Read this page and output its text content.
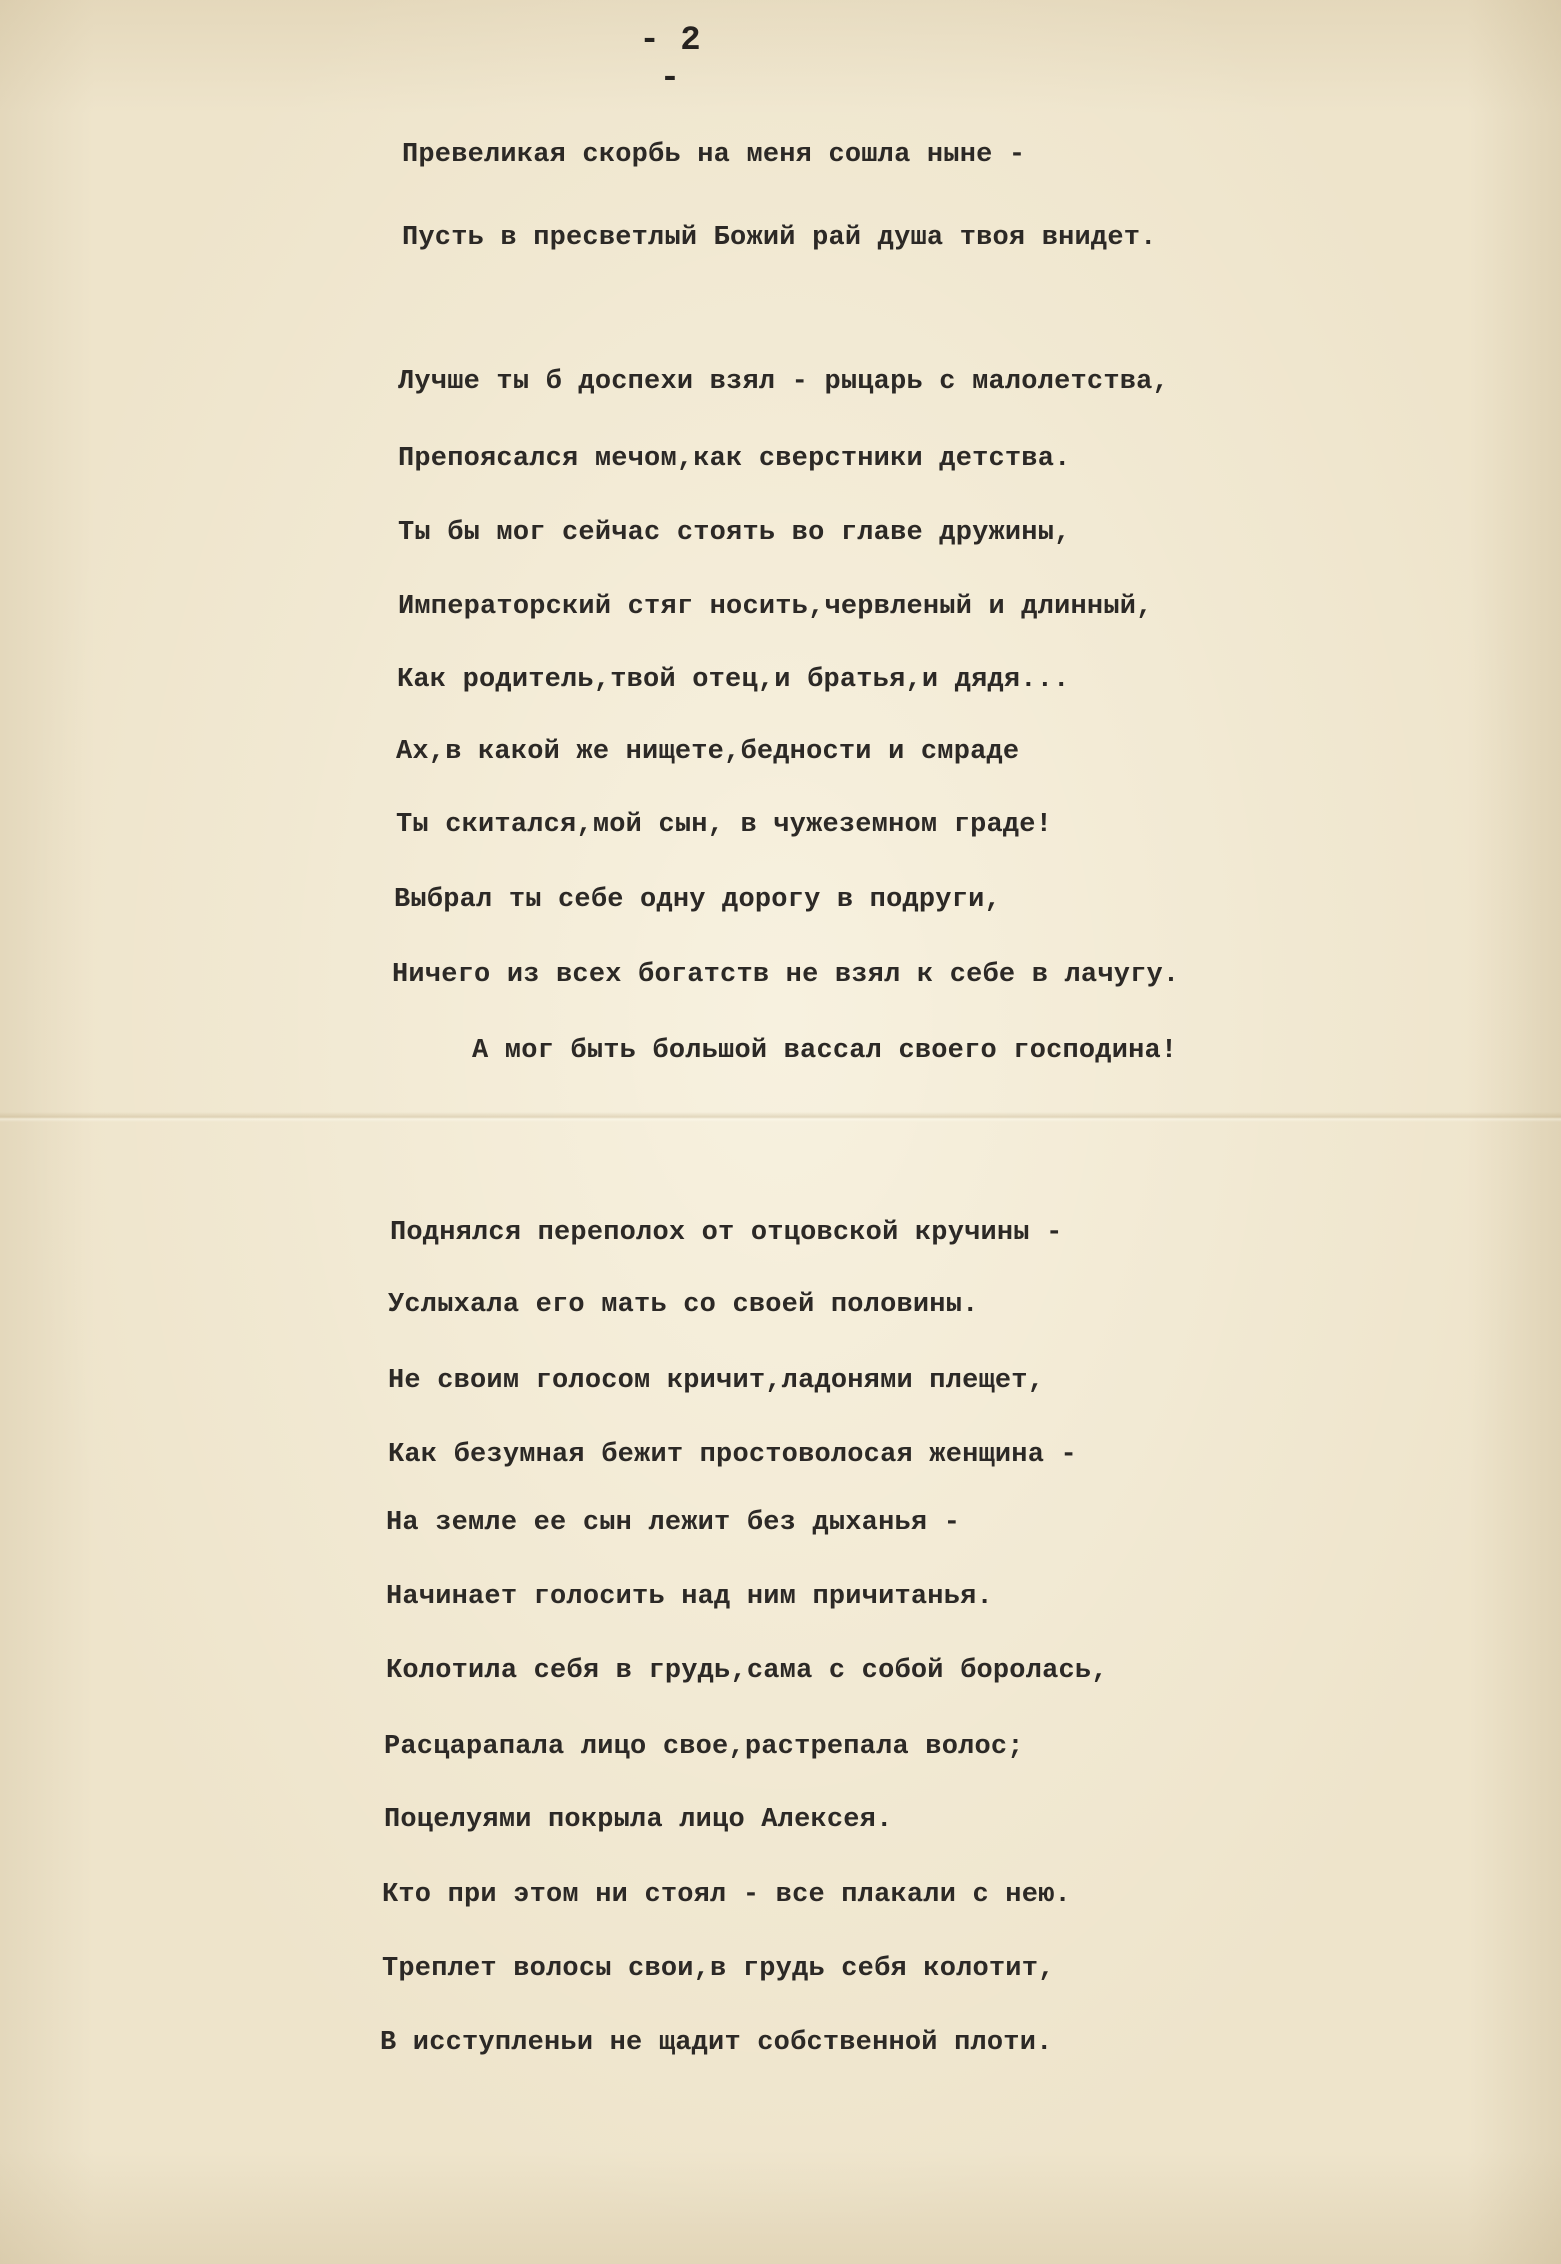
- 2 -
Превеликая скорбь на меня сошла ныне -
Пусть в пресветлый Божий рай душа твоя внидет.
Лучше ты б доспехи взял - рыцарь с малолетства,
Препоясался мечом,как сверстники детства.
Ты бы мог сейчас стоять во главе дружины,
Императорский стяг носить,червленый и длинный,
Как родитель,твой отец,и братья,и дядя...
Ах,в какой же нищете,бедности и смраде
Ты скитался,мой сын, в чужеземном граде!
Выбрал ты себе одну дорогу в подруги,
Ничего из всех богатств не взял к себе в лачугу.
А мог быть большой вассал своего господина!
Поднялся переполох от отцовской кручины -
Услыхала его мать со своей половины.
Не своим голосом кричит,ладонями плещет,
Как безумная бежит простоволосая женщина -
На земле ее сын лежит без дыханья -
Начинает голосить над ним причитанья.
Колотила себя в грудь,сама с собой боролась,
Расцарапала лицо свое,растрепала волос;
Поцелуями покрыла лицо Алексея.
Кто при этом ни стоял - все плакали с нею.
Треплет волосы свои,в грудь себя колотит,
В исступленьи не щадит собственной плоти.
